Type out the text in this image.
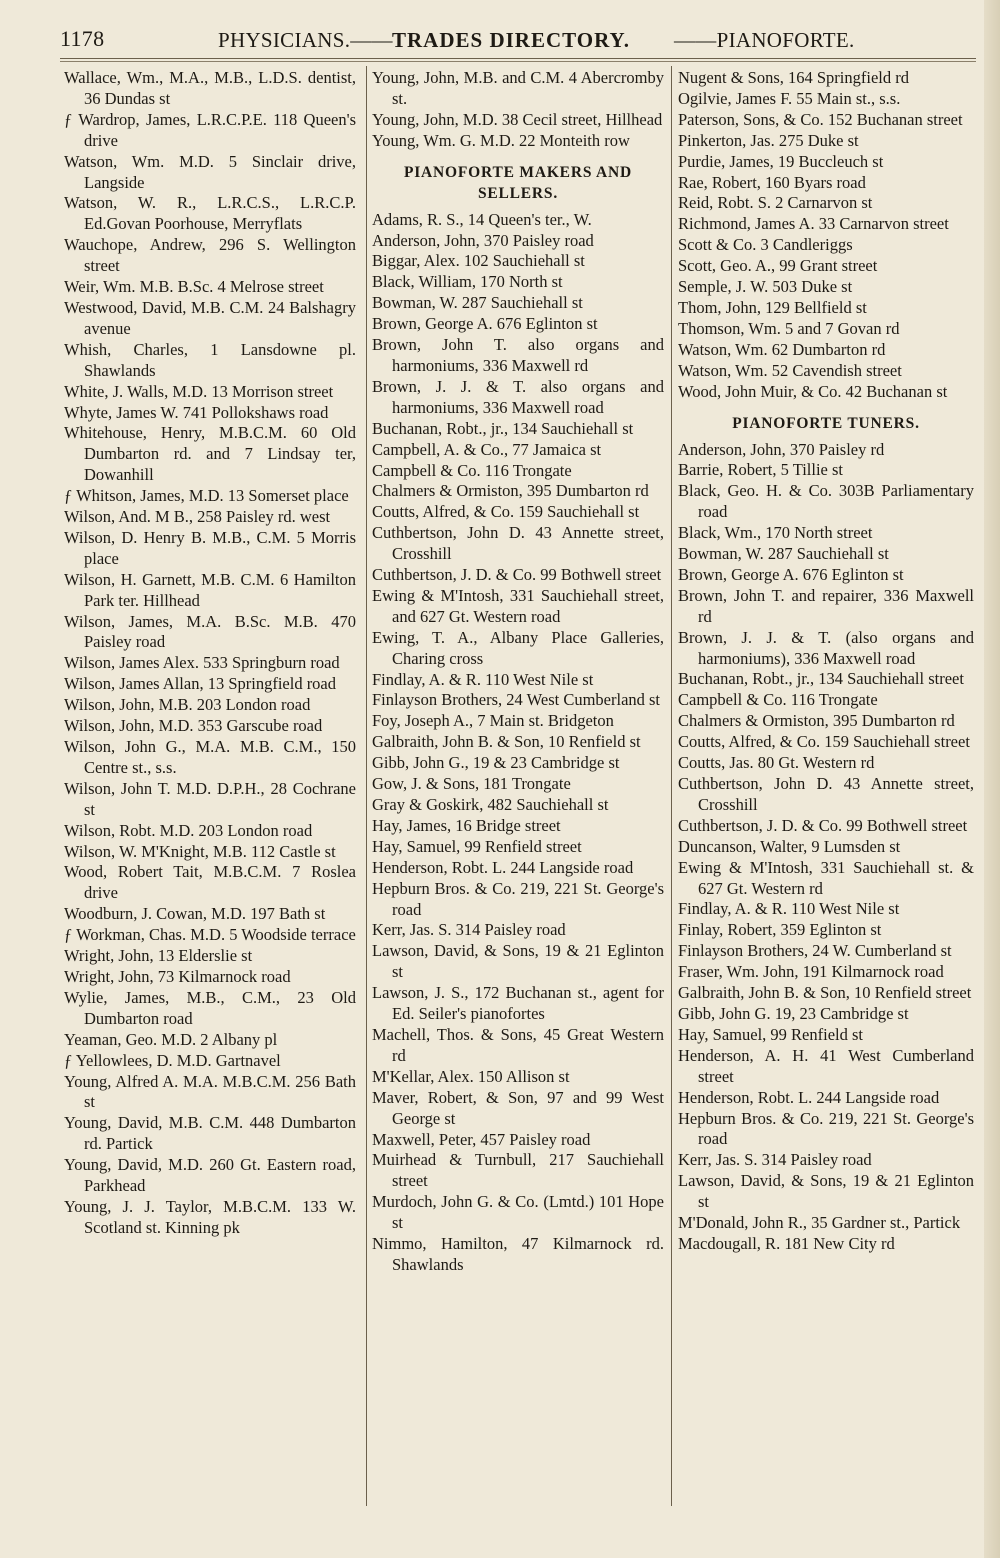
1178	PHYSICIANS.—— TRADES DIRECTORY. ——PIANOFORTE.
Wallace, Wm., M.A., M.B., L.D.S. dentist, 36 Dundas st
ƒ Wardrop, James, L.R.C.P.E. 118 Queen's drive
Watson, Wm. M.D. 5 Sinclair drive, Langside
Watson, W. R., L.R.C.S., L.R.C.P. Ed.Govan Poorhouse, Merryflats
Wauchope, Andrew, 296 S. Wellington street
Weir, Wm. M.B. B.Sc. 4 Melrose street
Westwood, David, M.B. C.M. 24 Balshagry avenue
Whish, Charles, 1 Lansdowne pl. Shawlands
White, J. Walls, M.D. 13 Morrison street
Whyte, James W. 741 Pollokshaws road
Whitehouse, Henry, M.B.C.M. 60 Old Dumbarton rd. and 7 Lindsay ter, Dowanhill
ƒ Whitson, James, M.D. 13 Somerset place
Wilson, And. M B., 258 Paisley rd. west
Wilson, D. Henry B. M.B., C.M. 5 Morris place
Wilson, H. Garnett, M.B. C.M. 6 Hamilton Park ter. Hillhead
Wilson, James, M.A. B.Sc. M.B. 470 Paisley road
Wilson, James Alex. 533 Springburn road
Wilson, James Allan, 13 Springfield road
Wilson, John, M.B. 203 London road
Wilson, John, M.D. 353 Garscube road
Wilson, John G., M.A. M.B. C.M., 150 Centre st., s.s.
Wilson, John T. M.D. D.P.H., 28 Cochrane st
Wilson, Robt. M.D. 203 London road
Wilson, W. M'Knight, M.B. 112 Castle st
Wood, Robert Tait, M.B.C.M. 7 Roslea drive
Woodburn, J. Cowan, M.D. 197 Bath st
ƒ Workman, Chas. M.D. 5 Woodside terrace
Wright, John, 13 Elderslie st
Wright, John, 73 Kilmarnock road
Wylie, James, M.B., C.M., 23 Old Dumbarton road
Yeaman, Geo. M.D. 2 Albany pl
ƒ Yellowlees, D. M.D. Gartnavel
Young, Alfred A. M.A. M.B.C.M. 256 Bath st
Young, David, M.B. C.M. 448 Dumbarton rd. Partick
Young, David, M.D. 260 Gt. Eastern road, Parkhead
Young, J. J. Taylor, M.B.C.M. 133 W. Scotland st. Kinning pk
Young, John, M.B. and C.M. 4 Abercromby st.
Young, John, M.D. 38 Cecil street, Hillhead
Young, Wm. G. M.D. 22 Monteith row
PIANOFORTE MAKERS AND SELLERS.
Adams, R. S., 14 Queen's ter., W.
Anderson, John, 370 Paisley road
Biggar, Alex. 102 Sauchiehall st
Black, William, 170 North st
Bowman, W. 287 Sauchiehall st
Brown, George A. 676 Eglinton st
Brown, John T. also organs and harmoniums, 336 Maxwell rd
Brown, J. J. & T. also organs and harmoniums, 336 Maxwell road
Buchanan, Robt., jr., 134 Sauchiehall st
Campbell, A. & Co., 77 Jamaica st
Campbell & Co. 116 Trongate
Chalmers & Ormiston, 395 Dumbarton rd
Coutts, Alfred, & Co. 159 Sauchiehall st
Cuthbertson, John D. 43 Annette street, Crosshill
Cuthbertson, J. D. & Co. 99 Bothwell street
Ewing & M'Intosh, 331 Sauchiehall street, and 627 Gt. Western road
Ewing, T. A., Albany Place Galleries, Charing cross
Findlay, A. & R. 110 West Nile st
Finlayson Brothers, 24 West Cumberland st
Foy, Joseph A., 7 Main st. Bridgeton
Galbraith, John B. & Son, 10 Renfield st
Gibb, John G., 19 & 23 Cambridge st
Gow, J. & Sons, 181 Trongate
Gray & Goskirk, 482 Sauchiehall st
Hay, James, 16 Bridge street
Hay, Samuel, 99 Renfield street
Henderson, Robt. L. 244 Langside road
Hepburn Bros. & Co. 219, 221 St. George's road
Kerr, Jas. S. 314 Paisley road
Lawson, David, & Sons, 19 & 21 Eglinton st
Lawson, J. S., 172 Buchanan st., agent for Ed. Seiler's pianofortes
Machell, Thos. & Sons, 45 Great Western rd
M'Kellar, Alex. 150 Allison st
Maver, Robert, & Son, 97 and 99 West George st
Maxwell, Peter, 457 Paisley road
Muirhead & Turnbull, 217 Sauchiehall street
Murdoch, John G. & Co. (Lmtd.) 101 Hope st
Nimmo, Hamilton, 47 Kilmarnock rd. Shawlands
Nugent & Sons, 164 Springfield rd
Ogilvie, James F. 55 Main st., s.s.
Paterson, Sons, & Co. 152 Buchanan street
Pinkerton, Jas. 275 Duke st
Purdie, James, 19 Buccleuch st
Rae, Robert, 160 Byars road
Reid, Robt. S. 2 Carnarvon st
Richmond, James A. 33 Carnarvon street
Scott & Co. 3 Candleriggs
Scott, Geo. A., 99 Grant street
Semple, J. W. 503 Duke st
Thom, John, 129 Bellfield st
Thomson, Wm. 5 and 7 Govan rd
Watson, Wm. 62 Dumbarton rd
Watson, Wm. 52 Cavendish street
Wood, John Muir, & Co. 42 Buchanan st
PIANOFORTE TUNERS.
Anderson, John, 370 Paisley rd
Barrie, Robert, 5 Tillie st
Black, Geo. H. & Co. 303B Parliamentary road
Black, Wm., 170 North street
Bowman, W. 287 Sauchiehall st
Brown, George A. 676 Eglinton st
Brown, John T. and repairer, 336 Maxwell rd
Brown, J. J. & T. (also organs and harmoniums), 336 Maxwell road
Buchanan, Robt., jr., 134 Sauchiehall street
Campbell & Co. 116 Trongate
Chalmers & Ormiston, 395 Dumbarton rd
Coutts, Alfred, & Co. 159 Sauchiehall street
Coutts, Jas. 80 Gt. Western rd
Cuthbertson, John D. 43 Annette street, Crosshill
Cuthbertson, J. D. & Co. 99 Bothwell street
Duncanson, Walter, 9 Lumsden st
Ewing & M'Intosh, 331 Sauchiehall st. & 627 Gt. Western rd
Findlay, A. & R. 110 West Nile st
Finlay, Robert, 359 Eglinton st
Finlayson Brothers, 24 W. Cumberland st
Fraser, Wm. John, 191 Kilmarnock road
Galbraith, John B. & Son, 10 Renfield street
Gibb, John G. 19, 23 Cambridge st
Hay, Samuel, 99 Renfield st
Henderson, A. H. 41 West Cumberland street
Henderson, Robt. L. 244 Langside road
Hepburn Bros. & Co. 219, 221 St. George's road
Kerr, Jas. S. 314 Paisley road
Lawson, David, & Sons, 19 & 21 Eglinton st
M'Donald, John R., 35 Gardner st., Partick
Macdougall, R. 181 New City rd
